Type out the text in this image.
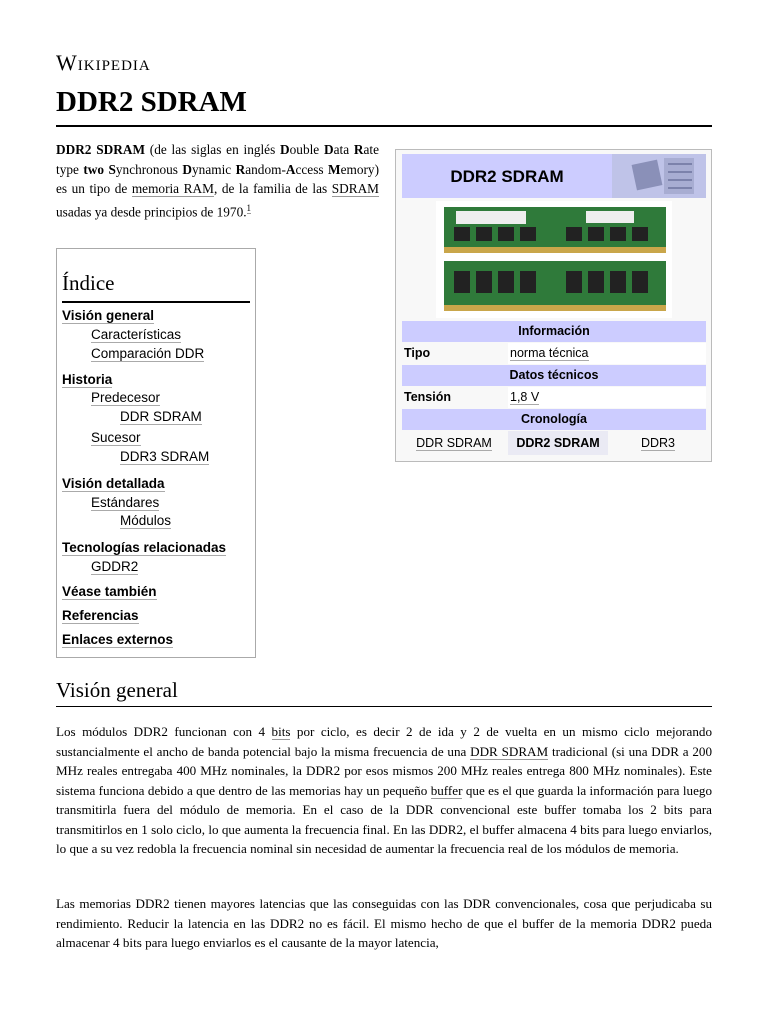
Wikipedia
DDR2 SDRAM

DDR2 SDRAM (de las siglas en inglés Double Data Rate type two Synchronous Dynamic Random-Access Memory) es un tipo de memoria RAM, de la familia de las SDRAM usadas ya desde principios de 1970.$^1$

Índice
Visión general
Características
Comparación DDR
Historia
Predecesor
DDR SDRAM
Sucesor
DDR3 SDRAM
Visión detallada
Estándares
Módulos
Tecnologías relacionadas
GDDR2
Véase también
Referencias
Enlaces externos
DDR2 SDRAM
Información
Tipo	norma técnica
Datos técnicos
Tensión	1,8 V
Cronología
DDR SDRAM	DDR2 SDRAM	DDR3
Visión general

Los módulos DDR2 funcionan con 4 bits por ciclo, es decir 2 de ida y 2 de vuelta en un mismo ciclo mejorando sustancialmente el ancho de banda potencial bajo la misma frecuencia de una DDR SDRAM tradicional (si una DDR a 200 MHz reales entregaba 400 MHz nominales, la DDR2 por esos mismos 200 MHz reales entrega 800 MHz nominales). Este sistema funciona debido a que dentro de las memorias hay un pequeño buffer que es el que guarda la información para luego transmitirla fuera del módulo de memoria. En el caso de la DDR convencional este buffer tomaba los 2 bits para transmitirlos en 1 solo ciclo, lo que aumenta la frecuencia final. En las DDR2, el buffer almacena 4 bits para luego enviarlos, lo que a su vez redobla la frecuencia nominal sin necesidad de aumentar la frecuencia real de los módulos de memoria.

Las memorias DDR2 tienen mayores latencias que las conseguidas con las DDR convencionales, cosa que perjudicaba su rendimiento. Reducir la latencia en las DDR2 no es fácil. El mismo hecho de que el buffer de la memoria DDR2 pueda almacenar 4 bits para luego enviarlos es el causante de la mayor latencia,
